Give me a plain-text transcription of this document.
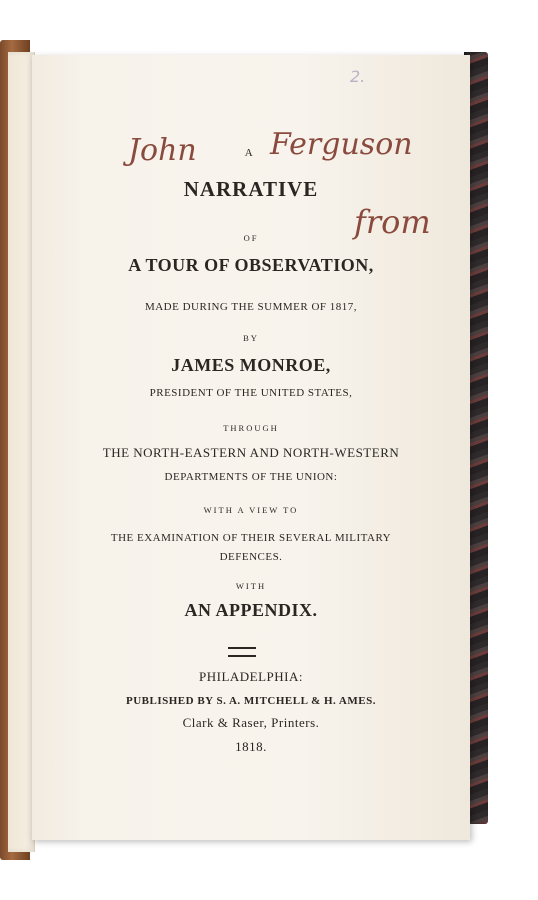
2.
John Ferguson
from
A
NARRATIVE
OF
A TOUR OF OBSERVATION,
MADE DURING THE SUMMER OF 1817,
BY
JAMES MONROE,
PRESIDENT OF THE UNITED STATES,
THROUGH
THE NORTH-EASTERN AND NORTH-WESTERN
DEPARTMENTS OF THE UNION:
WITH A VIEW TO
THE EXAMINATION OF THEIR SEVERAL MILITARY
DEFENCES.
WITH
AN APPENDIX.
PHILADELPHIA:
PUBLISHED BY S. A. MITCHELL & H. AMES.
Clark & Raser, Printers.
1818.
